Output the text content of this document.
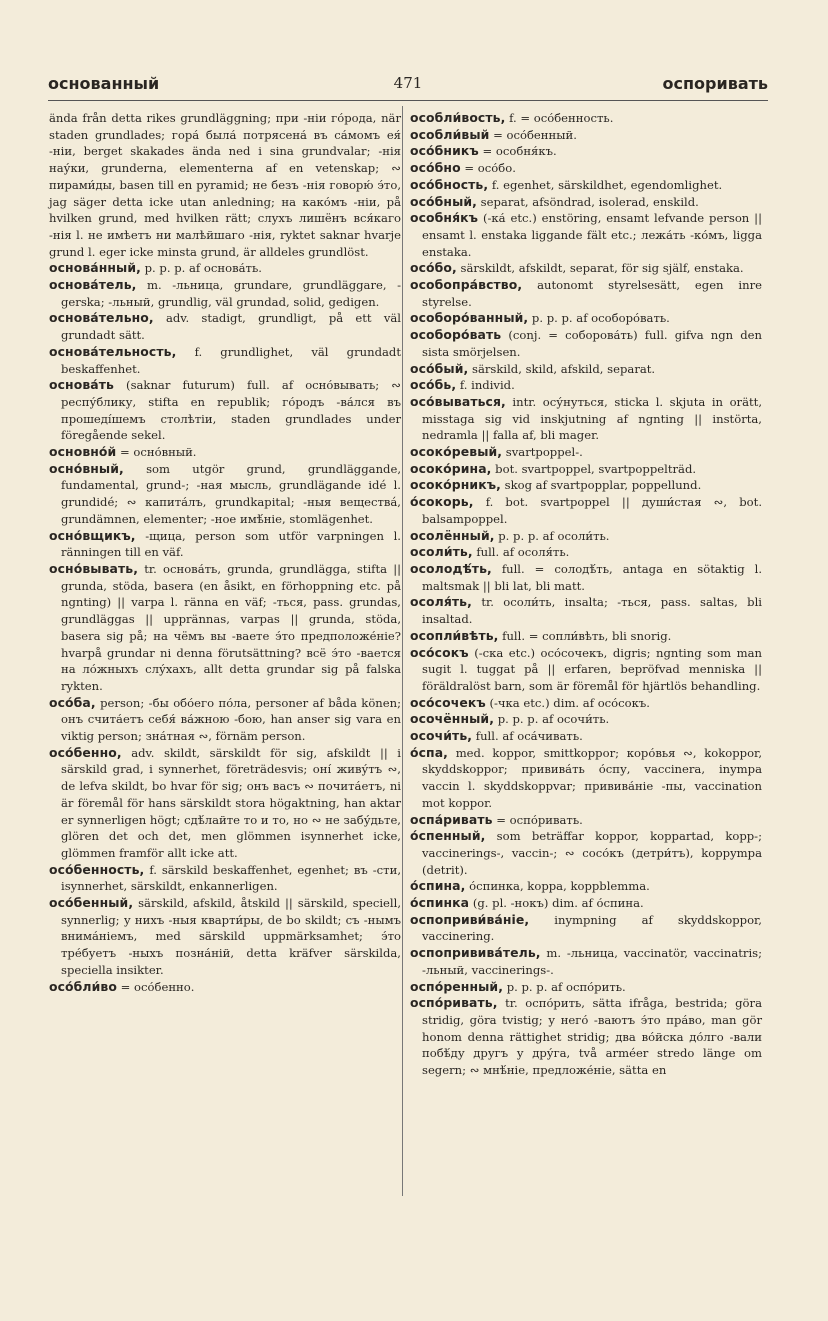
основанный	471	оспоривать
ända från detta rikes grundläggning; при -ніи го́рода, när staden grundlades; гора́ была́ потрясена́ въ са́момъ ея́ -ніи, berget skakades ända ned i sina grundvalar; -нія нау́ки, grunderna, elementerna af en vetenskap; ∾ пирами́ды, basen till en pyramid; не безъ -нія говорю́ э́то, jag säger detta icke utan anledning; на како́мъ -ніи, på hvilken grund, med hvilken rätt; слухъ лишёнъ вся́каго -нія l. не имѣетъ ни малѣйшаго -нія, ryktet saknar hvarje grund l. eger icke minsta grund, är alldeles grundlöst.
основа́нный, p. p. p. af основа́ть.
основа́тель, m. -льница, grundare, grundläggare, -gerska; -льный, grundlig, väl grundad, solid, gedigen.
основа́тельно, adv. stadigt, grundligt, på ett väl grundadt sätt.
основа́тельность, f. grundlighet, väl grundadt beskaffenhet.
основа́ть (saknar futurum) full. af осно́вывать; ∾ респу́блику, stifta en republik; го́родъ -ва́лся въ прошеді́шемъ столѣтіи, staden grundlades under föregående sekel.
основно́й = осно́вный.
осно́вный, som utgör grund, grundläggande, fundamental, grund-; -ная мысль, grundlägande idé l. grundidé; ∾ капита́лъ, grundkapital; -ныя веществá, grundämnen, elementer; -ное имѣ́ніе, stomlägenhet.
осно́вщикъ, -щица, person som utför varpningen l. ränningen till en väf.
осно́вывать, tr. основа́ть, grunda, grundlägga, stifta || grunda, stöda, basera (en åsikt, en förhoppning etc. på ngnting) || varpa l. ränna en väf; -ться, pass. grundas, grundläggas || upprännas, varpas || grunda, stöda, basera sig på; на чёмъ вы -ваете э́то предположе́ніе? hvarpå grundar ni denna förutsättning? всё э́то -вается на ло́жныхъ слу́хахъ, allt detta grundar sig på falska rykten.
осо́ба, person; -бы обо́его по́ла, personer af båda könen; онъ счита́етъ себя́ ва́жною -бою, han anser sig vara en viktig person; зна́тная ∾, förnäm person.
осо́бенно, adv. skildt, särskildt för sig, afskildt || i särskild grad, i synnerhet, företrädesvis; оні́ живу́тъ ∾, de lefva skildt, bo hvar för sig; онъ васъ ∾ почита́етъ, ni är föremål för hans särskildt stora högaktning, han aktar er synnerligen högt; сдѣ́лайте то и то, но ∾ не забу́дьте, glören det och det, men glömmen isynnerhet icke, glömmen framför allt icke att.
осо́бенность, f. särskild beskaffenhet, egenhet; въ -сти, isynnerhet, särskildt, enkannerligen.
осо́бенный, särskild, afskild, åtskild || särskild, speciell, synnerlig; у нихъ -ныя кварти́ры, de bo skildt; съ -нымъ внима́ніемъ, med särskild uppmärksamhet; э́то тре́буетъ -ныхъ позна́ній, detta kräfver särskilda, speciella insikter.
осо́бли́во = осо́бенно.
особли́вость, f. = осо́бенность.
особли́вый = осо́бенный.
осо́бникъ = особня́къ.
осо́бно = осо́бо.
осо́бность, f. egenhet, särskildhet, egendomlighet.
осо́бный, separat, afsöndrad, isolerad, enskild.
особня́къ (-ка́ etc.) enstöring, ensamt lefvande person || ensamt l. enstaka liggande fält etc.; лежа́ть -ко́мъ, ligga enstaka.
осо́бо, särskildt, afskildt, separat, för sig själf, enstaka.
особопра́вство, autonomt styrelsesätt, egen inre styrelse.
особоро́ванный, p. p. p. af особоро́вать.
особоро́вать (conj. = соборова́ть) full. gifva ngn den sista smörjelsen.
осо́бый, särskild, skild, afskild, separat.
осо́бь, f. individ.
осо́вываться, intr. осу́нуться, sticka l. skjuta in orätt, misstaga sig vid inskjutning af ngnting || instörta, nedramla || falla af, bli mager.
осоко́ревый, svartpoppel-.
осоко́рина, bot. svartpoppel, svartpoppelträd.
осоко́рникъ, skog af svartpopplar, poppellund.
о́сокорь, f. bot. svartpoppel || души́стая ∾, bot. balsampoppel.
осолённый, p. p. p. af осоли́ть.
осоли́ть, full. af осоля́ть.
осолодѣ́ть, full. = солодѣ́ть, antaga en sötaktig l. maltsmak || bli lat, bli matt.
осоля́ть, tr. осоли́ть, insalta; -ться, pass. saltas, bli insaltad.
осопли́вѣть, full. = сопли́вѣть, bli snorig.
осо́сокъ (-ска etc.) осо́сочекъ, digris; ngnting som man sugit l. tuggat på || erfaren, bepröfvad menniska || föräldralöst barn, som är föremål för hjärtlös behandling.
осо́сочекъ (-чка etc.) dim. af осо́сокъ.
осочённый, p. p. p. af осочи́ть.
осочи́ть, full. af оса́чивать.
о́спа, med. koppor, smittkoppor; коро́вья ∾, kokoppor, skyddskoppor; привива́ть о́спу, vaccinera, inympa vaccin l. skyddskoppvar; привива́ніе -пы, vaccination mot koppor.
оспа́ривать = оспо́ривать.
о́спенный, som beträffar koppor, koppartad, kopp-; vaccinerings-, vaccin-; ∾ сосо́къ (детри́тъ), koppympa (detrit).
о́спина, о́спинка, koppa, koppblemma.
о́спинка (g. pl. -нокъ) dim. af о́спина.
оспоприви́ва́ніе, inympning af skyddskoppor, vaccinering.
оспопривива́тель, m. -льница, vaccinatör, vaccinatris; -льный, vaccinerings-.
оспо́ренный, p. p. p. af оспо́рить.
оспо́ривать, tr. оспо́рить, sätta ifråga, bestrida; göra stridig, göra tvistig; у него́ -ваютъ э́то пра́во, man gör honom denna rättighet stridig; два во́йска до́лго -вали побѣ́ду другъ у дру́га, två arméer stredo länge om segern; ∾ мнѣ́ніе, предложе́ніе, sätta en
